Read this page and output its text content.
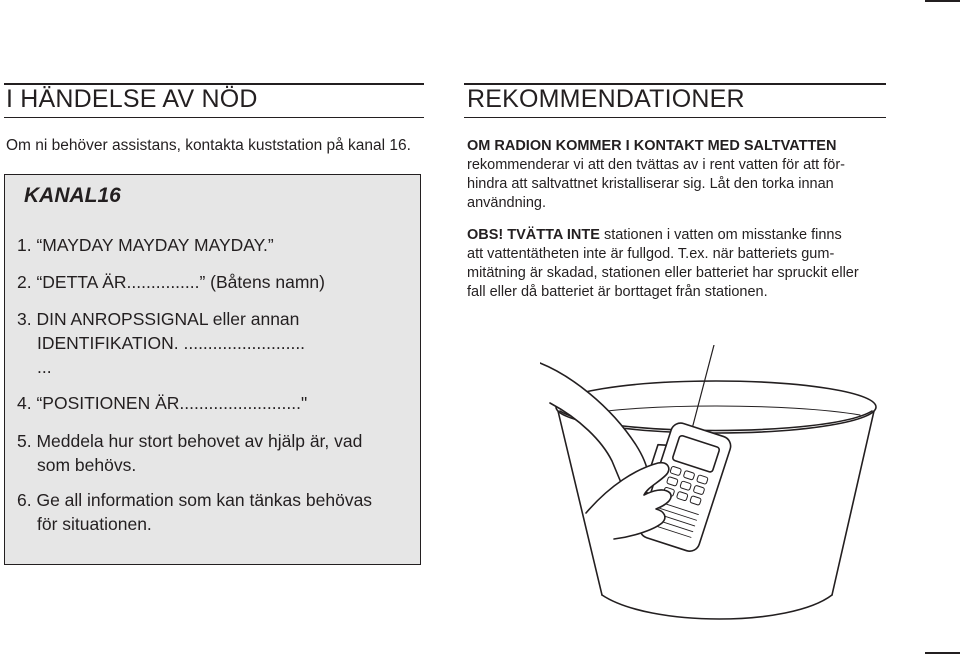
I HÄNDELSE AV NÖD
Om ni behöver assistans, kontakta kuststation på kanal 16.
KANAL16
1. “MAYDAY MAYDAY MAYDAY.”
2. “DETTA ÄR...............” (Båtens namn)
3. DIN ANROPSSIGNAL eller annan
IDENTIFIKATION. .........................
...
4. “POSITIONEN ÄR........................."
5. Meddela hur stort behovet av hjälp är, vad
som behövs.
6. Ge all information som kan tänkas behövas
för situationen.
REKOMMENDATIONER
OM RADION KOMMER I KONTAKT MED SALTVATTEN
rekommenderar vi att den tvättas av i rent vatten för att för-
hindra att saltvattnet kristalliserar sig. Låt den torka innan
användning.
OBS! TVÄTTA INTE stationen i vatten om misstanke finns
att vattentätheten inte är fullgod. T.ex. när batteriets gum-
mitätning är skadad, stationen eller batteriet har spruckit eller
fall eller då batteriet är borttaget från stationen.
